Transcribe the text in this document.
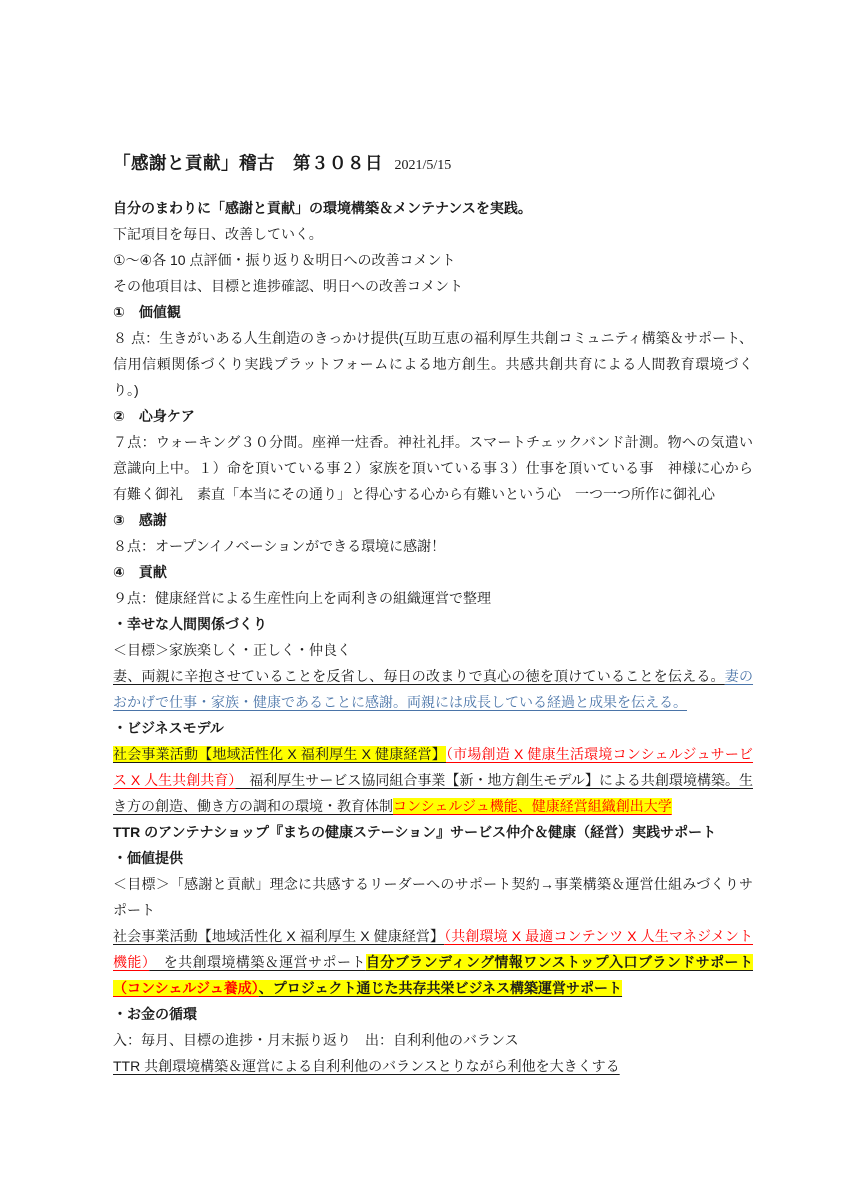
「感謝と貢献」稽古　第３０８日 2021/5/15

自分のまわりに「感謝と貢献」の環境構築＆メンテナンスを実践。

下記項目を毎日、改善していく。

①～④各 10 点評価・振り返り＆明日への改善コメント

その他項目は、目標と進捗確認、明日への改善コメント

①　価値観

８ 点：生きがいある人生創造のきっかけ提供(互助互恵の福利厚生共創コミュニティ構築＆サポート、信用信頼関係づくり実践プラットフォームによる地方創生。共感共創共育による人間教育環境づくり。)

②　心身ケア

７点：ウォーキング３０分間。座禅一炷香。神社礼拝。スマートチェックバンド計測。物への気遣い意識向上中。１）命を頂いている事２）家族を頂いている事３）仕事を頂いている事　神様に心から有難く御礼　素直「本当にその通り」と得心する心から有難いという心　一つ一つ所作に御礼心

③　感謝

８点：オープンイノベーションができる環境に感謝！

④　貢献

９点：健康経営による生産性向上を両利きの組織運営で整理

・幸せな人間関係づくり

＜目標＞家族楽しく・正しく・仲良く

妻、両親に辛抱させていることを反省し、毎日の改まりで真心の徳を頂けていることを伝える。妻のおかげで仕事・家族・健康であることに感謝。両親には成長している経過と成果を伝える。

・ビジネスモデル

社会事業活動【地域活性化 X 福利厚生 X 健康経営】（市場創造 X 健康生活環境コンシェルジュサービス X 人生共創共育）　福利厚生サービス協同組合事業【新・地方創生モデル】による共創環境構築。生き方の創造、働き方の調和の環境・教育体制コンシェルジュ機能、健康経営組織創出大学

TTR のアンテナショップ『まちの健康ステーション』サービス仲介＆健康（経営）実践サポート

・価値提供

＜目標＞「感謝と貢献」理念に共感するリーダーへのサポート契約→事業構築＆運営仕組みづくりサポート

社会事業活動【地域活性化 X 福利厚生 X 健康経営】（共創環境 X 最適コンテンツ X 人生マネジメント機能）　を共創環境構築＆運営サポート自分ブランディング情報ワンストップ入口ブランドサポート（コンシェルジュ養成）、プロジェクト通じた共存共栄ビジネス構築運営サポート

・お金の循環

入：毎月、目標の進捗・月末振り返り　出：自利利他のバランス

TTR 共創環境構築＆運営による自利利他のバランスとりながら利他を大きくする
